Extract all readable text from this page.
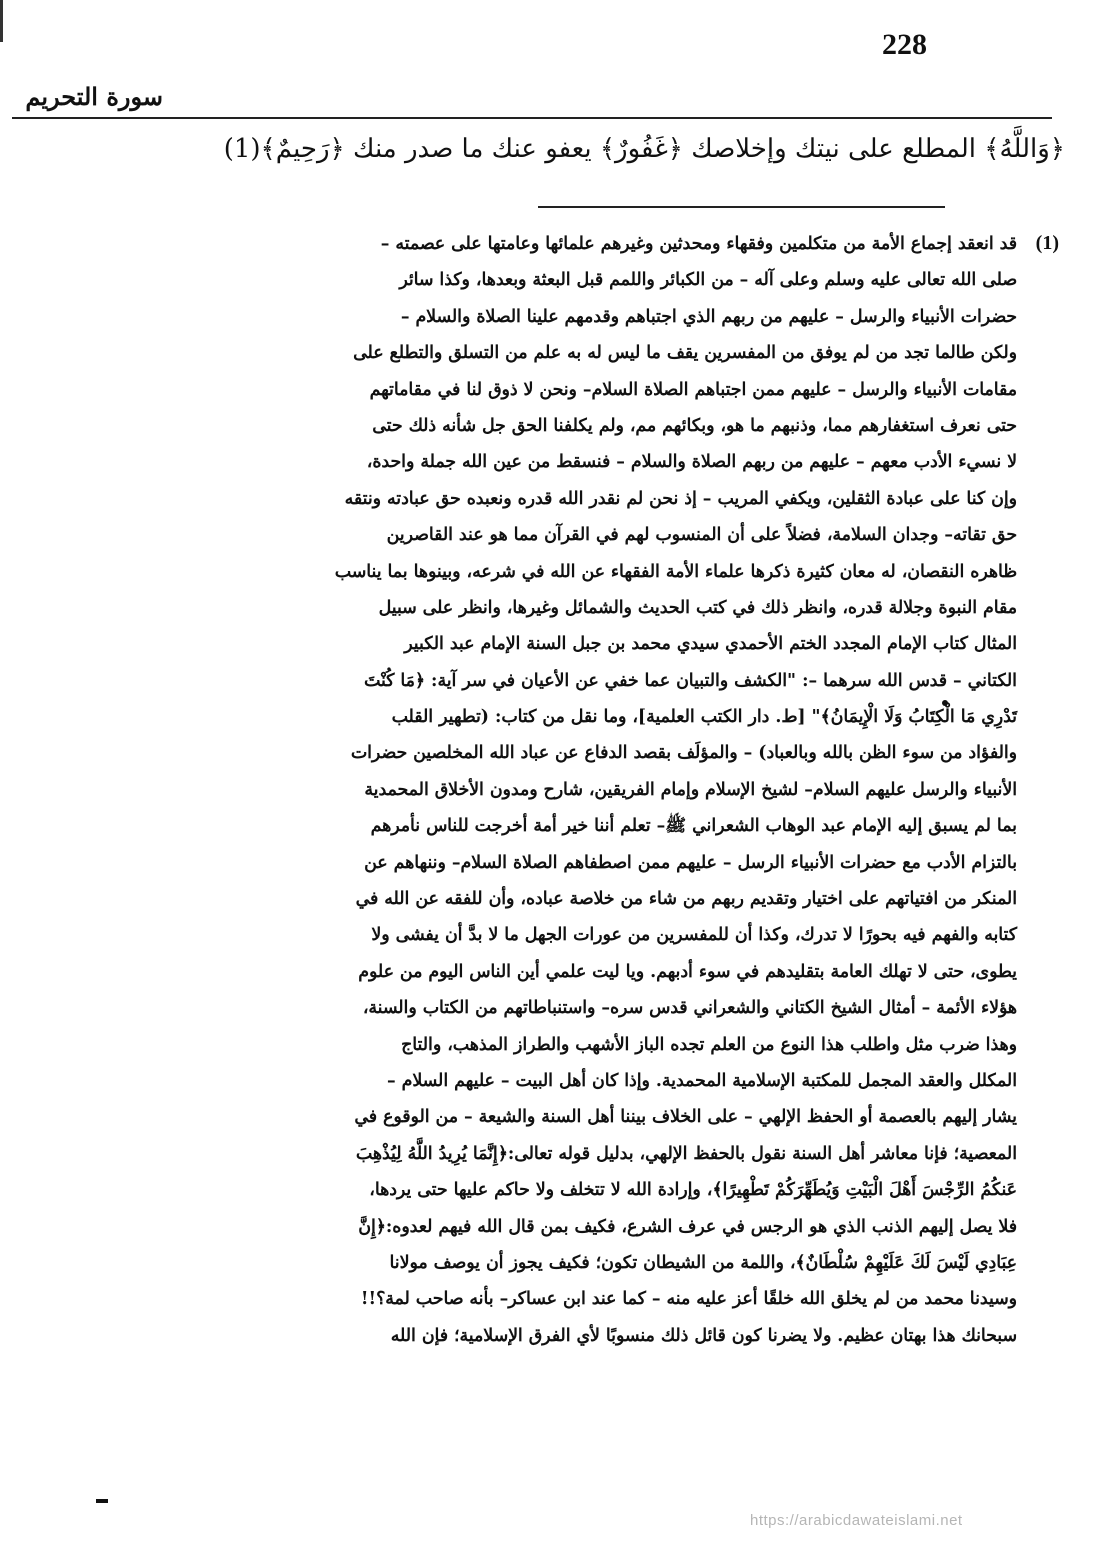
228
سورة التحريم
﴿وَاللَّهُ﴾ المطلع على نيتك وإخلاصك ﴿غَفُورٌ﴾ يعفو عنك ما صدر منك ﴿رَحِيمٌ﴾(1)
(1)
قد انعقد إجماع الأمة من متكلمين وفقهاء ومحدثين وغيرهم علمائها وعامتها على عصمته –
صلى الله تعالى عليه وسلم وعلى آله – من الكبائر واللمم قبل البعثة وبعدها، وكذا سائر
حضرات الأنبياء والرسل – عليهم من ربهم الذي اجتباهم وقدمهم علينا الصلاة والسلام –
ولكن طالما تجد من لم يوفق من المفسرين يقف ما ليس له به علم من التسلق والتطلع على
مقامات الأنبياء والرسل – عليهم ممن اجتباهم الصلاة السلام– ونحن لا ذوق لنا في مقاماتهم
حتى نعرف استغفارهم مما، وذنبهم ما هو، وبكائهم مم، ولم يكلفنا الحق جل شأنه ذلك حتى
لا نسيء الأدب معهم – عليهم من ربهم الصلاة والسلام – فنسقط من عين الله جملة واحدة،
وإن كنا على عبادة الثقلين، ويكفي المريب – إذ نحن لم نقدر الله قدره ونعبده حق عبادته ونتقه
حق تقاته– وجدان السلامة، فضلاً على أن المنسوب لهم في القرآن مما هو عند القاصرين
ظاهره النقصان، له معان كثيرة ذكرها علماء الأمة الفقهاء عن الله في شرعه، وبينوها بما يناسب
مقام النبوة وجلالة قدره، وانظر ذلك في كتب الحديث والشمائل وغيرها، وانظر على سبيل
المثال كتاب الإمام المجدد الختم الأحمدي سيدي محمد بن جبل السنة الإمام عبد الكبير
الكتاني – قدس الله سرهما –: "الكشف والتبيان عما خفي عن الأعيان في سر آية: ﴿مَا كُنْتَ
تَدْرِي مَا الْكِتَابُ وَلَا الْإِيمَانُ﴾" [ط. دار الكتب العلمية]، وما نقل من كتاب: (تطهير القلب
والفؤاد من سوء الظن بالله وبالعباد) – والمؤلَف بقصد الدفاع عن عباد الله المخلصين حضرات
الأنبياء والرسل عليهم السلام– لشيخ الإسلام وإمام الفريقين، شارح ومدون الأخلاق المحمدية
بما لم يسبق إليه الإمام عبد الوهاب الشعراني ﷺ– تعلم أننا خير أمة أخرجت للناس نأمرهم
بالتزام الأدب مع حضرات الأنبياء الرسل – عليهم ممن اصطفاهم الصلاة السلام– وننهاهم عن
المنكر من افتياتهم على اختيار وتقديم ربهم من شاء من خلاصة عباده، وأن للفقه عن الله في
كتابه والفهم فيه بحورًا لا تدرك، وكذا أن للمفسرين من عورات الجهل ما لا بدَّ أن يفشى ولا
يطوى، حتى لا تهلك العامة بتقليدهم في سوء أدبهم. ويا ليت علمي أين الناس اليوم من علوم
هؤلاء الأئمة – أمثال الشيخ الكتاني والشعراني قدس سره– واستنباطاتهم من الكتاب والسنة،
وهذا ضرب مثل واطلب هذا النوع من العلم تجده الباز الأشهب والطراز المذهب، والتاج
المكلل والعقد المجمل للمكتبة الإسلامية المحمدية. وإذا كان أهل البيت – عليهم السلام –
يشار إليهم بالعصمة أو الحفظ الإلهي – على الخلاف بيننا أهل السنة والشيعة – من الوقوع في
المعصية؛ فإنا معاشر أهل السنة نقول بالحفظ الإلهي، بدليل قوله تعالى:﴿إِنَّمَا يُرِيدُ اللَّهُ لِيُذْهِبَ
عَنكُمُ الرِّجْسَ أَهْلَ الْبَيْتِ وَيُطَهِّرَكُمْ تَطْهِيرًا﴾، وإرادة الله لا تتخلف ولا حاكم عليها حتى يردها،
فلا يصل إليهم الذنب الذي هو الرجس في عرف الشرع، فكيف بمن قال الله فيهم لعدوه:﴿إِنَّ
عِبَادِي لَيْسَ لَكَ عَلَيْهِمْ سُلْطَانٌ﴾، واللمة من الشيطان تكون؛ فكيف يجوز أن يوصف مولانا
وسيدنا محمد من لم يخلق الله خلقًا أعز عليه منه – كما عند ابن عساكر– بأنه صاحب لمة؟!!
سبحانك هذا بهتان عظيم. ولا يضرنا كون قائل ذلك منسوبًا لأي الفرق الإسلامية؛ فإن الله
https://arabicdawateislami.net
